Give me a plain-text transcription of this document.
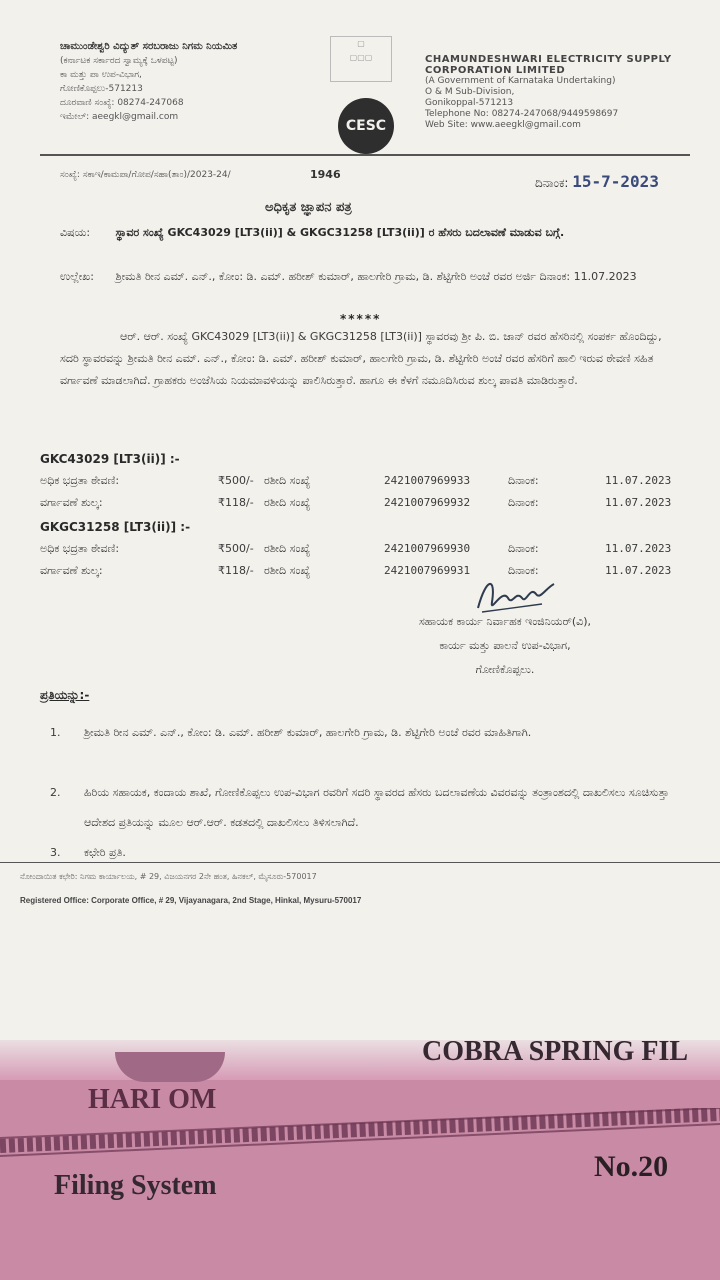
ಚಾಮುಂಡೇಶ್ವರಿ ವಿದ್ಯುತ್ ಸರಬರಾಜು ನಿಗಮ ನಿಯಮಿತ
(ಕರ್ನಾಟಕ ಸರ್ಕಾರದ ಸ್ವಾಮ್ಯಕ್ಕೆ ಒಳಪಟ್ಟ)
ಕಾ ಮತ್ತು ಪಾ ಉಪ-ವಿಭಾಗ,
ಗೋಣಿಕೊಪ್ಪಲು-571213
ದೂರವಾಣಿ ಸಂಖ್ಯೆ: 08274-247068
ಇಮೇಲ್: aeegkl@gmail.com
▢
▢▢▢
CESC
CHAMUNDESHWARI ELECTRICITY SUPPLY CORPORATION LIMITED
(A Government of Karnataka Undertaking)
O & M Sub-Division,
Gonikoppal-571213
Telephone No: 08274-247068/9449598697
Web Site: www.aeegkl@gmail.com
ಸಂಖ್ಯೆ: ಸಕಾಇ/ಕಾಮಪಾ/ಗೋಪ/ಸಹಾ(ತಾಂ)/2023-24/	1946
ದಿನಾಂಕ: 15-7-2023
ಅಧಿಕೃತ ಜ್ಞಾಪನ ಪತ್ರ
ವಿಷಯ: ಸ್ಥಾವರ ಸಂಖ್ಯೆ GKC43029 [LT3(ii)] & GKGC31258 [LT3(ii)] ರ ಹೆಸರು ಬದಲಾವಣೆ ಮಾಡುವ ಬಗ್ಗೆ.
ಉಲ್ಲೇಖ: ಶ್ರೀಮತಿ ರೀನ ಎಮ್. ಎನ್., ಕೋಂ: ಡಿ. ಎಮ್. ಹರೀಶ್ ಕುಮಾರ್, ಹಾಲಗೇರಿ ಗ್ರಾಮ, ಡಿ. ಶೆಟ್ಟಿಗೇರಿ ಅಂಚೆ ರವರ ಅರ್ಜಿ ದಿನಾಂಕ: 11.07.2023
*****
ಆರ್. ಆರ್. ಸಂಖ್ಯೆ GKC43029 [LT3(ii)] & GKGC31258 [LT3(ii)] ಸ್ಥಾವರವು ಶ್ರೀ ಪಿ. ಬಿ. ಜಾನ್ ರವರ ಹೆಸರಿನಲ್ಲಿ ಸಂಪರ್ಕ ಹೊಂದಿದ್ದು, ಸದರಿ ಸ್ಥಾವರವನ್ನು ಶ್ರೀಮತಿ ರೀನ ಎಮ್. ಎನ್., ಕೋಂ: ಡಿ. ಎಮ್. ಹರೀಶ್ ಕುಮಾರ್, ಹಾಲಗೇರಿ ಗ್ರಾಮ, ಡಿ. ಶೆಟ್ಟಿಗೇರಿ ಅಂಚೆ ರವರ ಹೆಸರಿಗೆ ಹಾಲಿ ಇರುವ ಠೇವಣಿ ಸಹಿತ ವರ್ಗಾವಣೆ ಮಾಡಲಾಗಿದೆ. ಗ್ರಾಹಕರು ಅಂಜೆಸಿಯ ನಿಯಮಾವಳಿಯನ್ನು ಪಾಲಿಸಿರುತ್ತಾರೆ. ಹಾಗೂ ಈ ಕೆಳಗೆ ನಮೂದಿಸಿರುವ ಶುಲ್ಕ ಪಾವತಿ ಮಾಡಿರುತ್ತಾರೆ.
GKC43029 [LT3(ii)] :-
ಅಧಿಕ ಭದ್ರತಾ ಠೇವಣಿ:	₹500/- ರಶೀದಿ ಸಂಖ್ಯೆ	2421007969933	ದಿನಾಂಕ:	11.07.2023
ವರ್ಗಾವಣೆ ಶುಲ್ಕ:	₹118/- ರಶೀದಿ ಸಂಖ್ಯೆ	2421007969932	ದಿನಾಂಕ:	11.07.2023
GKGC31258 [LT3(ii)] :-
ಅಧಿಕ ಭದ್ರತಾ ಠೇವಣಿ:	₹500/- ರಶೀದಿ ಸಂಖ್ಯೆ	2421007969930	ದಿನಾಂಕ:	11.07.2023
ವರ್ಗಾವಣೆ ಶುಲ್ಕ:	₹118/- ರಶೀದಿ ಸಂಖ್ಯೆ	2421007969931	ದಿನಾಂಕ:	11.07.2023
ಸಹಾಯಕ ಕಾರ್ಯ ನಿರ್ವಾಹಕ ಇಂಜಿನಿಯರ್(ವಿ),
ಕಾರ್ಯ ಮತ್ತು ಪಾಲನೆ ಉಪ-ವಿಭಾಗ,
ಗೋಣಿಕೊಪ್ಪಲು.
ಪ್ರತಿಯನ್ನು:-
1. ಶ್ರೀಮತಿ ರೀನ ಎಮ್. ಎನ್., ಕೋಂ: ಡಿ. ಎಮ್. ಹರೀಶ್ ಕುಮಾರ್, ಹಾಲಗೇರಿ ಗ್ರಾಮ, ಡಿ. ಶೆಟ್ಟಿಗೇರಿ ಅಂಚೆ ರವರ ಮಾಹಿತಿಗಾಗಿ.
2. ಹಿರಿಯ ಸಹಾಯಕ, ಕಂದಾಯ ಶಾಖೆ, ಗೋಣಿಕೊಪ್ಪಲು ಉಪ-ವಿಭಾಗ ರವರಿಗೆ ಸದರಿ ಸ್ಥಾವರದ ಹೆಸರು ಬದಲಾವಣೆಯ ವಿವರವನ್ನು ತಂತ್ರಾಂಶದಲ್ಲಿ ದಾಖಲಿಸಲು ಸೂಚಿಸುತ್ತಾ ಆದೇಶದ ಪ್ರತಿಯನ್ನು ಮೂಲ ಆರ್.ಆರ್. ಕಡತದಲ್ಲಿ ದಾಖಲಿಸಲು ತಿಳಿಸಲಾಗಿದೆ.
3. ಕಛೇರಿ ಪ್ರತಿ.
ನೋಂದಾಯಿತ ಕಛೇರಿ: ನಿಗಮ ಕಾರ್ಯಾಲಯ, # 29, ವಿಜಯನಗರ 2ನೇ ಹಂತ, ಹಿನಕಲ್, ಮೈಸೂರು-570017
Registered Office: Corporate Office, # 29, Vijayanagara, 2nd Stage, Hinkal, Mysuru-570017
COBRA SPRING FIL
HARI OM
Filing System
No.20
